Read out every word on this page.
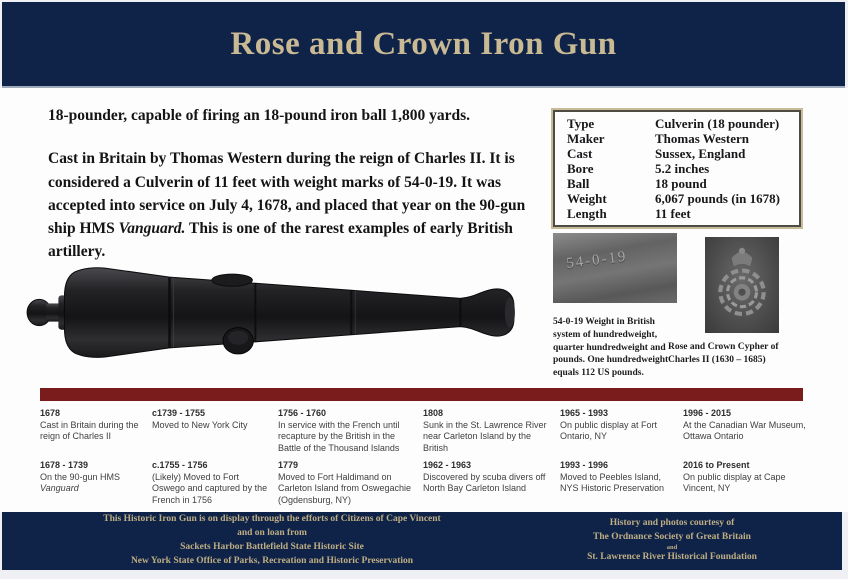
Rose and Crown Iron Gun
18-pounder, capable of firing an 18-pound iron ball 1,800 yards.
Cast in Britain by Thomas Western during the reign of Charles II. It is considered a Culverin of 11 feet with weight marks of 54-0-19. It was accepted into service on July 4, 1678, and placed that year on the 90-gun ship HMS Vanguard. This is one of the rarest examples of early British artillery.
Type	Culverin (18 pounder)
Maker	Thomas Western
Cast	Sussex, England
Bore	5.2 inches
Ball	18 pound
Weight	6,067 pounds (in 1678)
Length	11 feet
54-0-19
54-0-19 Weight in British system of hundredweight, quarter hundredweight and pounds. One hundredweight equals 112 US pounds.
Rose and Crown Cypher of Charles II (1630 – 1685)
1678
Cast in Britain during the reign of Charles II
1678 - 1739
On the 90-gun HMS Vanguard
c1739 - 1755
Moved to New York City
c.1755 - 1756
(Likely) Moved to Fort Oswego and captured by the French in 1756
1756 - 1760
In service with the French until recapture by the British in the Battle of the Thousand Islands
1779
Moved to Fort Haldimand on Carleton Island from Oswegachie (Ogdensburg, NY)
1808
Sunk in the St. Lawrence River near Carleton Island by the British
1962 - 1963
Discovered by scuba divers off North Bay Carleton Island
1965 - 1993
On public display at Fort Ontario, NY
1993 - 1996
Moved to Peebles Island, NYS Historic Preservation
1996 - 2015
At the Canadian War Museum, Ottawa Ontario
2016 to Present
On public display at Cape Vincent, NY
This Historic Iron Gun is on display through the efforts of Citizens of Cape Vincent
and on loan from
Sackets Harbor Battlefield State Historic Site
New York State Office of Parks, Recreation and Historic Preservation
History and photos courtesy of
The Ordnance Society of Great Britain
and
St. Lawrence River Historical Foundation
